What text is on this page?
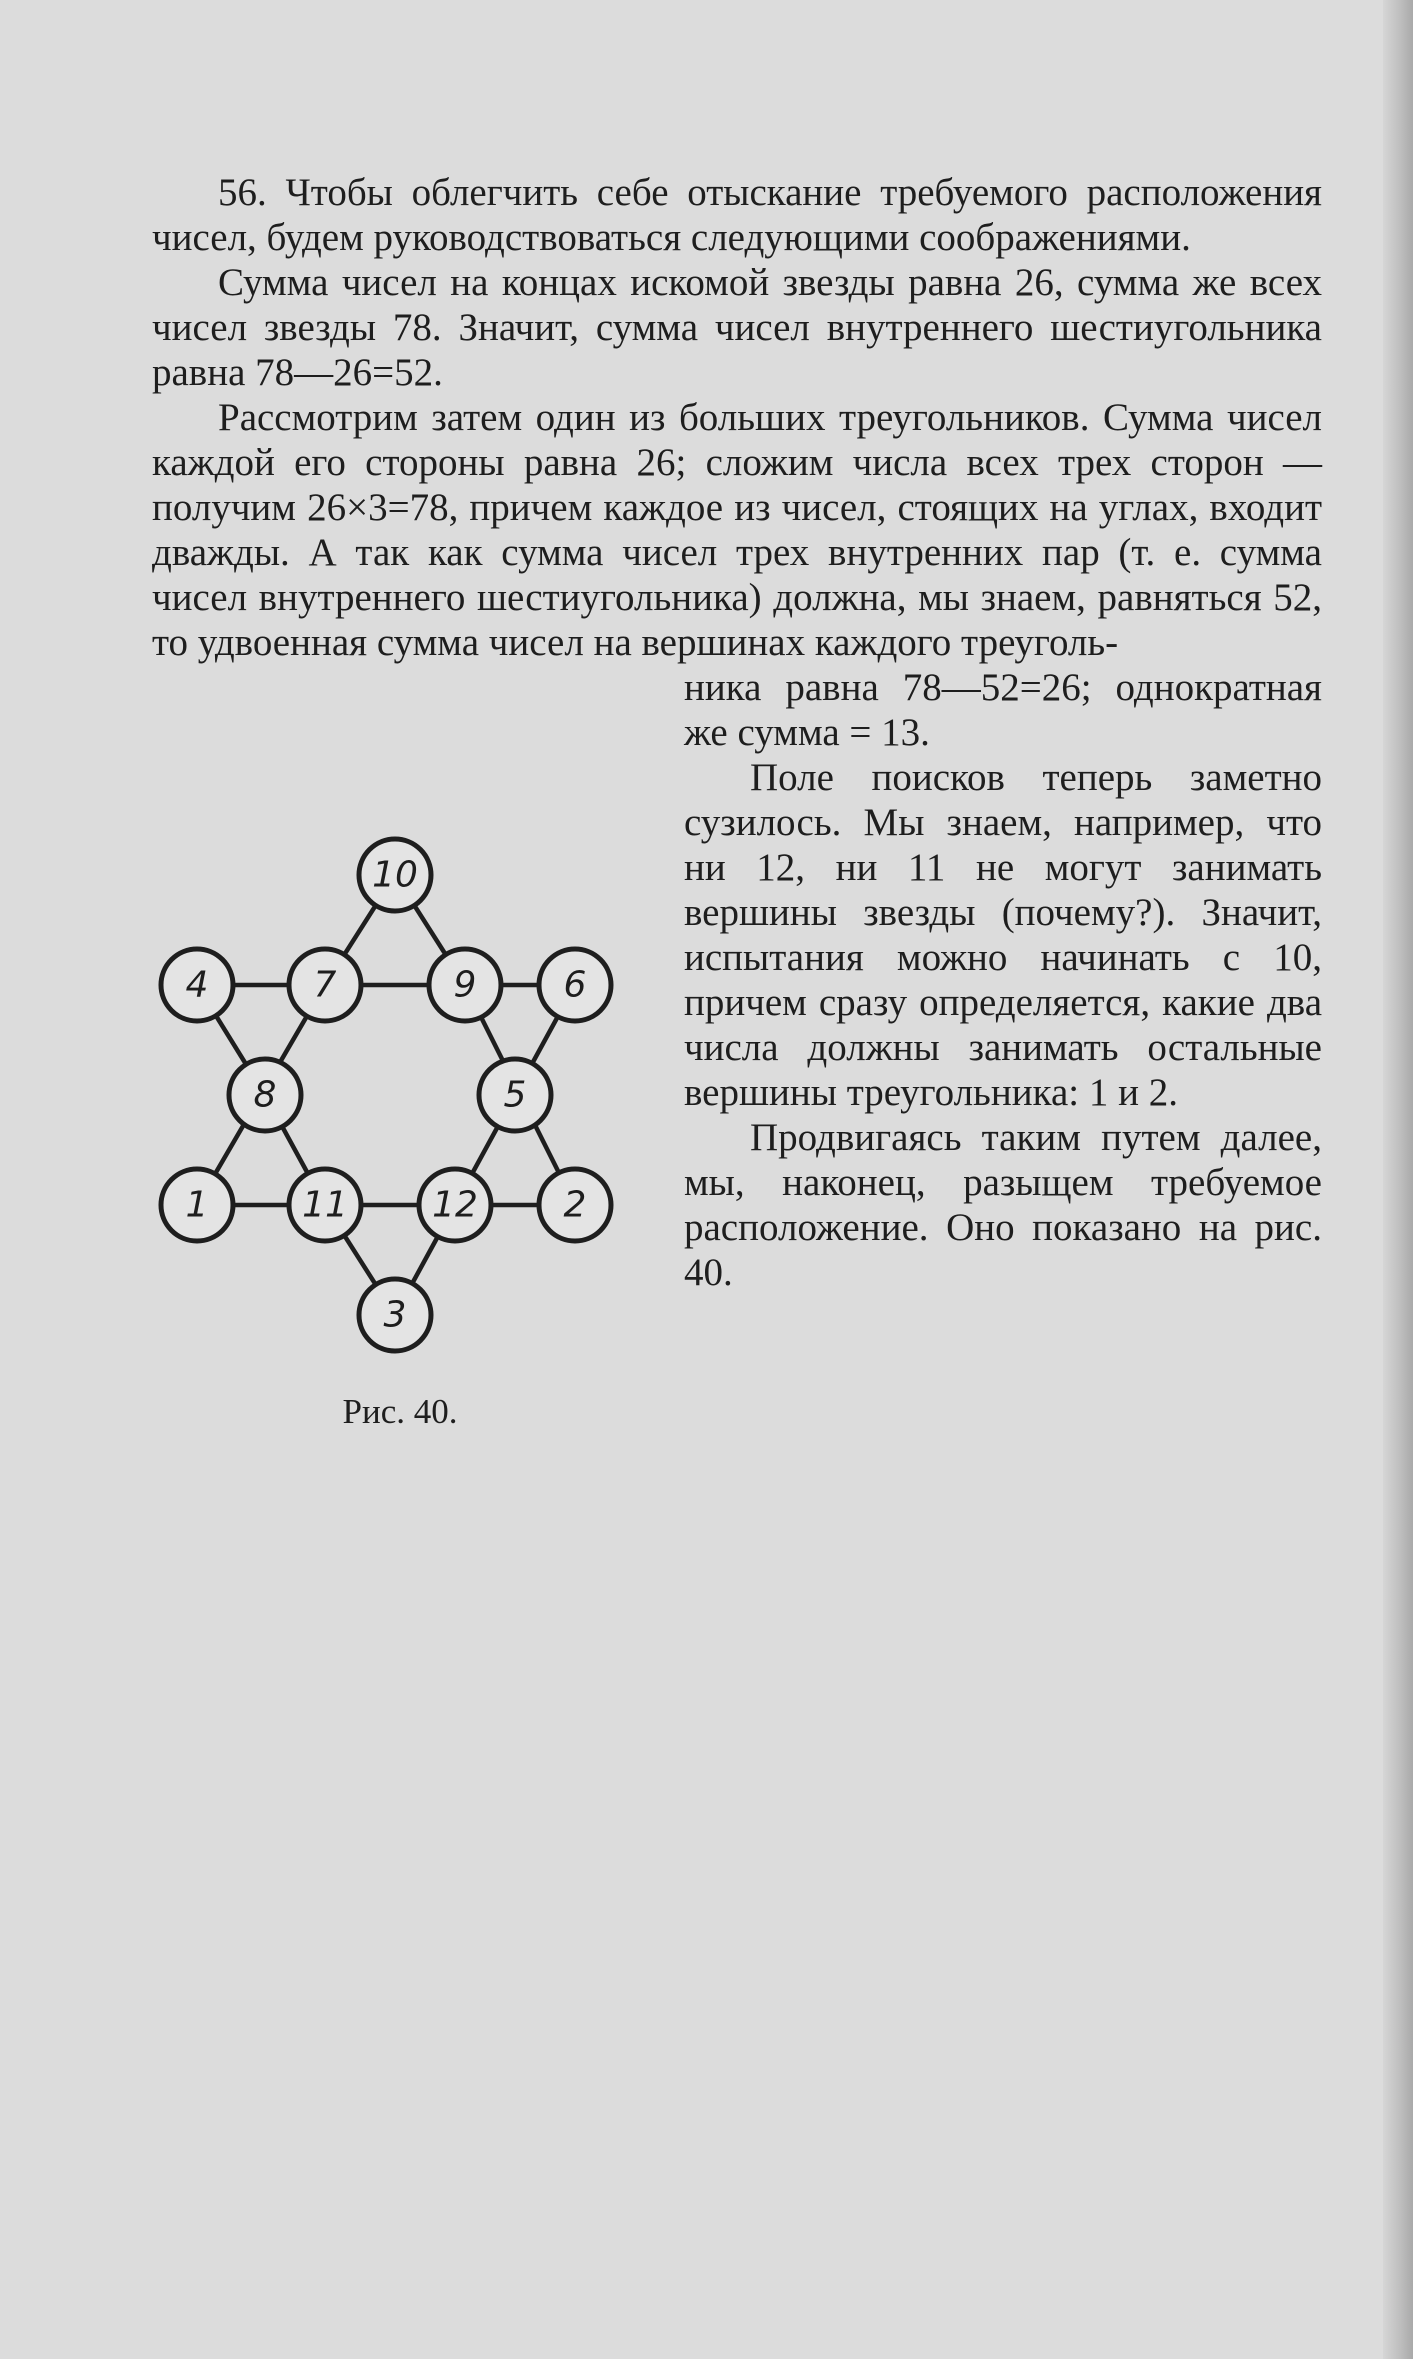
56. Чтобы облегчить себе отыскание требуемого расположения чисел, будем руководствоваться следующими соображениями.

Сумма чисел на концах искомой звезды равна 26, сумма же всех чисел звезды 78. Значит, сумма чисел внутреннего шестиугольника равна 78—26=52.

Рассмотрим затем один из больших треугольников. Сумма чисел каждой его стороны равна 26; сложим числа всех трех сторон — получим 26×3=78, причем каждое из чисел, стоящих на углах, входит дважды. А так как сумма чисел трех внутренних пар (т. е. сумма чисел внутреннего шестиугольника) должна, мы знаем, равняться 52, то удвоенная сумма чисел на вершинах каждого треуголь-

ника равна 78—52=26; однократная же сумма = 13.

Поле поисков теперь заметно сузилось. Мы знаем, например, что ни 12, ни 11 не могут занимать вершины звезды (почему?). Значит, испытания можно начинать с 10, причем сразу определяется, какие два числа должны занимать остальные вершины треугольника: 1 и 2.

Продвигаясь таким путем далее, мы, наконец, разыщем требуемое расположение. Оно показано на рис. 40.

10
4	7	9 6
8	5
1	11 12 2
3
Рис. 40.
